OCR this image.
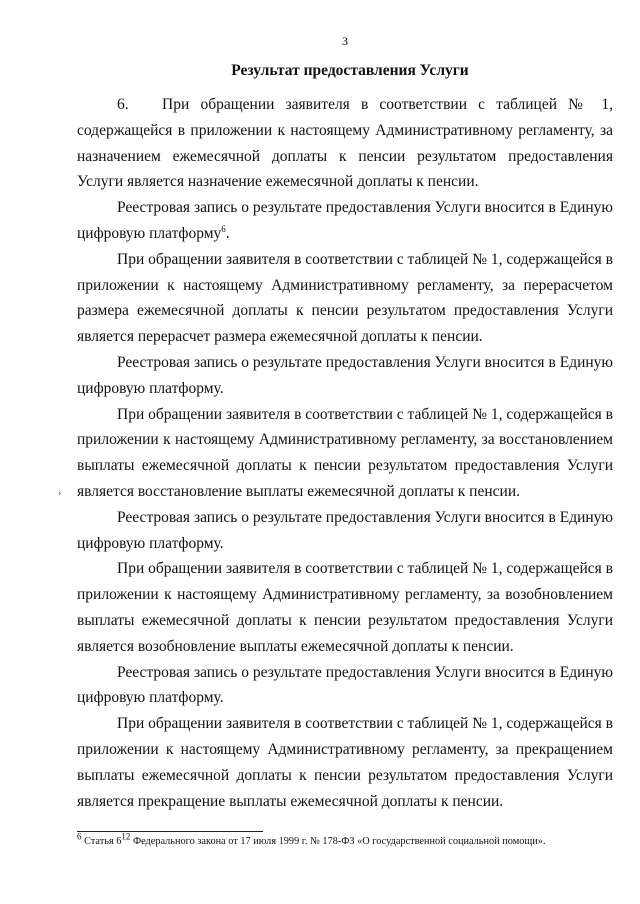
3
Результат предоставления Услуги

6.   При обращении заявителя в соответствии с таблицей № 1, содержащейся в приложении к настоящему Административному регламенту, за назначением ежемесячной доплаты к пенсии результатом предоставления Услуги является назначение ежемесячной доплаты к пенсии.

Реестровая запись о результате предоставления Услуги вносится в Единую цифровую платформу$^6$.

При обращении заявителя в соответствии с таблицей № 1, содержащейся в приложении к настоящему Административному регламенту, за перерасчетом размера ежемесячной доплаты к пенсии результатом предоставления Услуги является перерасчет размера ежемесячной доплаты к пенсии.

Реестровая запись о результате предоставления Услуги вносится в Единую цифровую платформу.

При обращении заявителя в соответствии с таблицей № 1, содержащейся в приложении к настоящему Административному регламенту, за восстановлением выплаты ежемесячной доплаты к пенсии результатом предоставления Услуги является восстановление выплаты ежемесячной доплаты к пенсии.

Реестровая запись о результате предоставления Услуги вносится в Единую цифровую платформу.

При обращении заявителя в соответствии с таблицей № 1, содержащейся в приложении к настоящему Административному регламенту, за возобновлением выплаты ежемесячной доплаты к пенсии результатом предоставления Услуги является возобновление выплаты ежемесячной доплаты к пенсии.

Реестровая запись о результате предоставления Услуги вносится в Единую цифровую платформу.

При обращении заявителя в соответствии с таблицей № 1, содержащейся в приложении к настоящему Административному регламенту, за прекращением выплаты ежемесячной доплаты к пенсии результатом предоставления Услуги является прекращение выплаты ежемесячной доплаты к пенсии.

›
$^6$ Статья $6^{12}$ Федерального закона от 17 июля 1999 г. № 178-ФЗ «О государственной социальной помощи».
